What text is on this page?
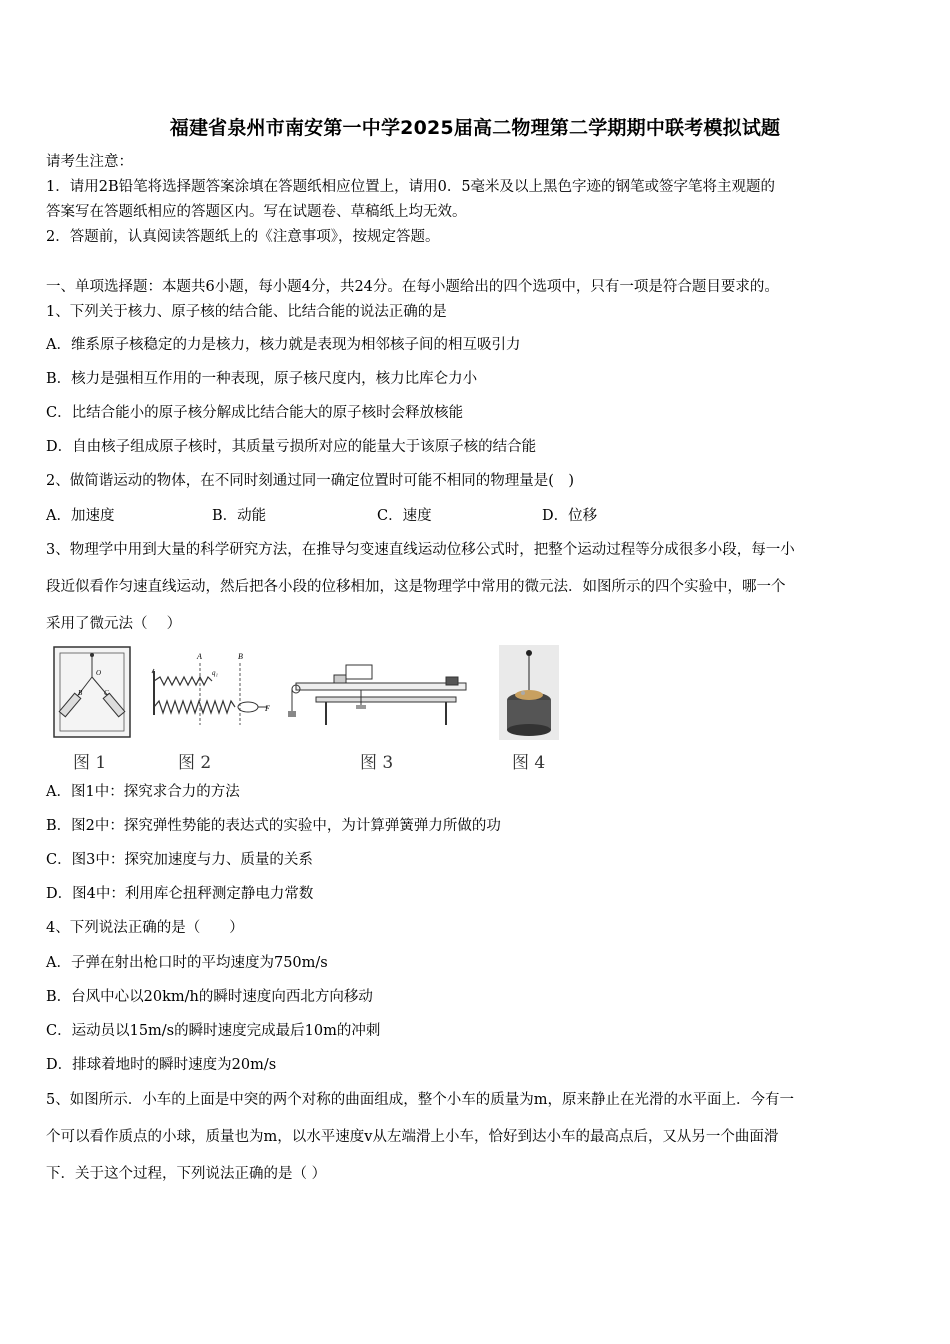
福建省泉州市南安第一中学2025届高二物理第二学期期中联考模拟试题
请考生注意：
1．请用2B铅笔将选择题答案涂填在答题纸相应位置上，请用0．5毫米及以上黑色字迹的钢笔或签字笔将主观题的
答案写在答题纸相应的答题区内。写在试题卷、草稿纸上均无效。
2．答题前，认真阅读答题纸上的《注意事项》，按规定答题。
一、单项选择题：本题共6小题，每小题4分，共24分。在每小题给出的四个选项中，只有一项是符合题目要求的。
1、下列关于核力、原子核的结合能、比结合能的说法正确的是
A．维系原子核稳定的力是核力，核力就是表现为相邻核子间的相互吸引力
B．核力是强相互作用的一种表现，原子核尺度内，核力比库仑力小
C．比结合能小的原子核分解成比结合能大的原子核时会释放核能
D．自由核子组成原子核时，其质量亏损所对应的能量大于该原子核的结合能
2、做简谐运动的物体，在不同时刻通过同一确定位置时可能不相同的物理量是(　)
A．加速度	B．动能	C．速度	D．位移
3、物理学中用到大量的科学研究方法，在推导匀变速直线运动位移公式时，把整个运动过程等分成很多小段，每一小
段近似看作匀速直线运动，然后把各小段的位移相加，这是物理学中常用的微元法．如图所示的四个实验中，哪一个
采用了微元法（　 ）
O
B	C
A	B
q₁
F
图 1	图 2	图 3	图 4
A．图1中：探究求合力的方法
B．图2中：探究弹性势能的表达式的实验中，为计算弹簧弹力所做的功
C．图3中：探究加速度与力、质量的关系
D．图4中：利用库仑扭秤测定静电力常数
4、下列说法正确的是（　　）
A．子弹在射出枪口时的平均速度为750m/s
B．台风中心以20km/h的瞬时速度向西北方向移动
C．运动员以15m/s的瞬时速度完成最后10m的冲刺
D．排球着地时的瞬时速度为20m/s
5、如图所示．小车的上面是中突的两个对称的曲面组成，整个小车的质量为m，原来静止在光滑的水平面上．今有一
个可以看作质点的小球，质量也为m，以水平速度v从左端滑上小车，恰好到达小车的最高点后，又从另一个曲面滑
下．关于这个过程，下列说法正确的是（ ）
